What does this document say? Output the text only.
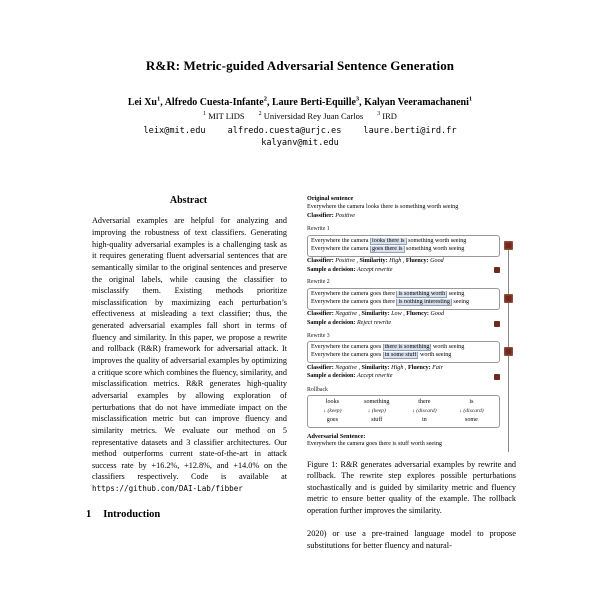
R&R: Metric-guided Adversarial Sentence Generation
Lei Xu$^1$, Alfredo Cuesta-Infante$^2$, Laure Berti-Equille$^3$, Kalyan Veeramachaneni$^1$
$^1$ MIT LIDS $^2$ Universidad Rey Juan Carlos $^3$ IRD
leix@mit.edu	alfredo.cuesta@urjc.es	laure.berti@ird.fr
kalyanv@mit.edu
Abstract
Adversarial examples are helpful for analyzing and improving the robustness of text classifiers. Generating high-quality adversarial examples is a challenging task as it requires generating fluent adversarial sentences that are semantically similar to the original sentences and preserve the original labels, while causing the classifier to misclassify them. Existing methods prioritize misclassification by maximizing each perturbation’s effectiveness at misleading a text classifier; thus, the generated adversarial examples fall short in terms of fluency and similarity. In this paper, we propose a rewrite and rollback (R&R) framework for adversarial attack. It improves the quality of adversarial examples by optimizing a critique score which combines the fluency, similarity, and misclassification metrics. R&R generates high-quality adversarial examples by allowing exploration of perturbations that do not have immediate impact on the misclassification metric but can improve fluency and similarity metrics. We evaluate our method on 5 representative datasets and 3 classifier architectures. Our method outperforms current state-of-the-art in attack success rate by +16.2%, +12.8%, and +14.0% on the classifiers respectively. Code is available at https://github.com/DAI-Lab/fibber
1 Introduction
Original sentence
Everywhere the camera looks there is something worth seeing
Classifier: Positive
Rewrite 1
Everywhere the camera looks there is something worth seeing
Everywhere the camera goes there is something worth seeing
Classifier: Positive , Similarity: High , Fluency: Good
Sample a decision: Accept rewrite
Rewrite 2
Everywhere the camera goes there is something worth seeing
Everywhere the camera goes there is nothing interesting seeing
Classifier: Negative , Similarity: Low , Fluency: Good
Sample a decision: Reject rewrite
Rewrite 3
Everywhere the camera goes there is something worth seeing
Everywhere the camera goes in some stuff worth seeing
Classifier: Negative , Similarity: High , Fluency: Fair
Sample a decision: Accept rewrite
Rollback
looks
↓ (keep)
goes
something
↓ (keep)
stuff
there
↓ (discard)
in
is
↓ (discard)
some
Adversarial Sentence:
Everywhere the camera goes there is stuff worth seeing

Figure 1: R&R generates adversarial examples by rewrite and rollback. The rewrite step explores possible perturbations stochastically and is guided by similarity metric and fluency metric to ensure better quality of the example. The rollback operation further improves the similarity.

2020) or use a pre-trained language model to propose substitutions for better fluency and natural-
